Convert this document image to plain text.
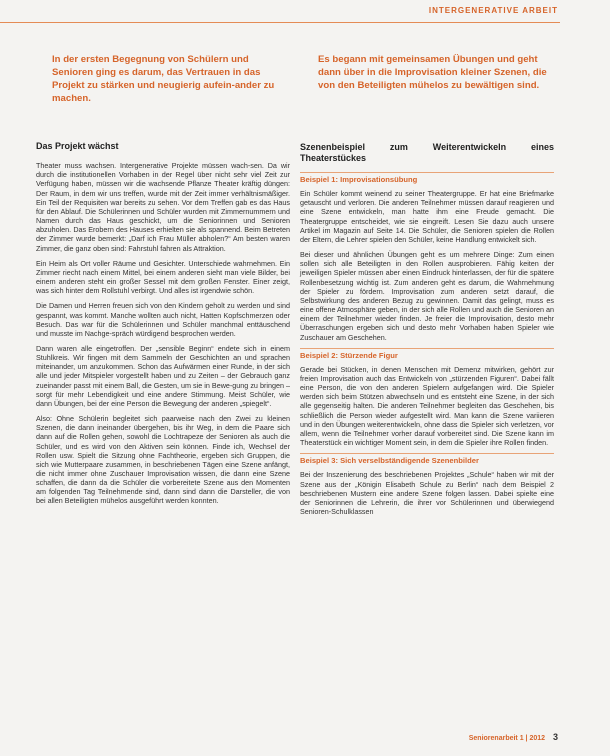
INTERGENERATIVE ARBEIT
In der ersten Begegnung von Schülern und Senioren ging es darum, das Vertrauen in das Projekt zu stärken und neugierig aufein-ander zu machen.
Es begann mit gemeinsamen Übungen und geht dann über in die Improvisation kleiner Szenen, die von den Beteiligten mühelos zu bewältigen sind.
Das Projekt wächst

Theater muss wachsen. Intergenerative Projekte müssen wach-sen. Da wir durch die institutionellen Vorhaben in der Regel über nicht sehr viel Zeit zur Verfügung haben, müssen wir die wachsende Pflanze Theater kräftig düngen: Der Raum, in dem wir uns treffen, wurde mit der Zeit immer verhältnismäßiger. Ein Teil der Requisiten war bereits zu sehen. Vor dem Treffen gab es das Haus für den Ablauf. Die Schülerinnen und Schüler wurden mit Zimmernummern und Namen durch das Haus geschickt, um die Seniorinnen und Senioren abzuholen. Das Erobern des Hauses erhielten sie als spannend. Beim Betreten der Zimmer wurde bemerkt: „Darf ich Frau Müller abholen?“ Am besten waren Zimmer, die ganz oben sind: Fahrstuhl fahren als Attraktion.

Ein Heim als Ort voller Räume und Gesichter. Unterschiede wahrnehmen. Ein Zimmer riecht nach einem Mittel, bei einem anderen sieht man viele Bilder, bei einem anderen steht ein großer Sessel mit dem großen Fenster. Einer zeigt, was sich hinter dem Rollstuhl verbirgt. Und alles ist irgendwie schön.

Die Damen und Herren freuen sich von den Kindern geholt zu werden und sind gespannt, was kommt. Manche wollten auch nicht, Hatten Kopfschmerzen oder Besuch. Das war für die Schülerinnen und Schüler manchmal enttäuschend und musste im Nachge-spräch würdigend besprochen werden.

Dann waren alle eingetroffen. Der „sensible Beginn“ endete sich in einem Stuhlkreis. Wir fingen mit dem Sammeln der Geschichten an und sprachen miteinander, um anzukommen. Schon das Aufwärmen einer Runde, in der sich alle und jeder Mitspieler vorgestellt haben und zu Zeiten – der Gebrauch ganz zueinander passt mit einem Ball, die Gesten, um sie in Bewe-gung zu bringen – sorgt für mehr Lebendigkeit und eine andere Stimmung. Meist Schüler, wie dann Übungen, bei der eine Person die Bewegung der anderen „spiegelt“.

Also: Ohne Schülerin begleitet sich paarweise nach den Zwei zu kleinen Szenen, die dann ineinander übergehen, bis ihr Weg, in dem die Paare sich dann auf die Rollen gehen, sowohl die Lochtrapeze der Senioren als auch die Schüler, und es wird von den Aktiven sein können. Finde ich, Wechsel der Rollen usw. Spielt die Sitzung ohne Fachtheorie, ergeben sich Gruppen, die sich wie Mutterpaare zusammen, in beschriebenen Tägen eine Szene anfängt, die nicht immer ohne Zuschauer Improvisation wissen, die dann eine Szene schaffen, die dann da die Schüler die vorbereitete Szene aus den Momenten am folgenden Tag Teilnehmende sind, dann sind dann die Darsteller, die von bei allen Beteiligten mühelos ausgeführt werden konnten.

Szenenbeispiel zum Weiterentwickeln eines Theaterstückes
Beispiel 1: Improvisationsübung

Ein Schüler kommt weinend zu seiner Theatergruppe. Er hat eine Briefmarke getauscht und verloren. Die anderen Teilnehmer müssen darauf reagieren und eine Szene entwickeln, man hatte ihm eine Freude gemacht. Die Theatergruppe entscheidet, wie sie eingreift. Lesen Sie dazu auch unsere Artikel im Magazin auf Seite 14. Die Schüler, die Senioren spielen die Rollen der Eltern, die Lehrer spielen den Schüler, keine Handlung entwickelt sich.

Bei dieser und ähnlichen Übungen geht es um mehrere Dinge: Zum einen sollen sich alle Beteiligten in den Rollen ausprobieren. Fähig keiten der jeweiligen Spieler müssen aber einen Eindruck hinterlassen, der für die spätere Rollenbesetzung wichtig ist. Zum anderen geht es darum, die Wahrnehmung der Spieler zu fördern. Improvisation zum anderen setzt darauf, die Selbstwirkung des anderen Bezug zu gewinnen. Damit das gelingt, muss es eine offene Atmosphäre geben, in der sich alle Rollen und auch die Senioren an einem der Teilnehmer wieder finden. Je freier die Improvisation, desto mehr Überraschungen ergeben sich und desto mehr Vorhaben haben Spieler wie Zuschauer am Geschehen.

Beispiel 2: Stürzende Figur

Gerade bei Stücken, in denen Menschen mit Demenz mitwirken, gehört zur freien Improvisation auch das Entwickeln von „stürzenden Figuren“. Dabei fällt eine Person, die von den anderen Spielern aufgefangen wird. Die Spieler werden sich beim Stützen abwechseln und es entsteht eine Szene, in der sich alle gegenseitig halten. Die anderen Teilnehmer begleiten das Geschehen, bis schließlich die Person wieder aufgestellt wird. Man kann die Szene variieren und in den Übungen weiterentwickeln, ohne dass die Spieler sich verletzen, vor allem, wenn die Teilnehmer vorher darauf vorbereitet sind. Die Szene kann im Theaterstück ein wichtiger Moment sein, in dem die Spieler ihre Rollen finden.

Beispiel 3: Sich verselbständigende Szenenbilder

Bei der Inszenierung des beschriebenen Projektes „Schule“ haben wir mit der Szene aus der „Königin Elisabeth Schule zu Berlin“ nach dem Beispiel 2 beschriebenen Mustern eine andere Szene folgen lassen. Dabei spielte eine der Seniorinnen die Lehrerin, die ihrer vor Schülerinnen und überwiegend Senioren-Schulklassen

Seniorenarbeit 1 | 2012 3
